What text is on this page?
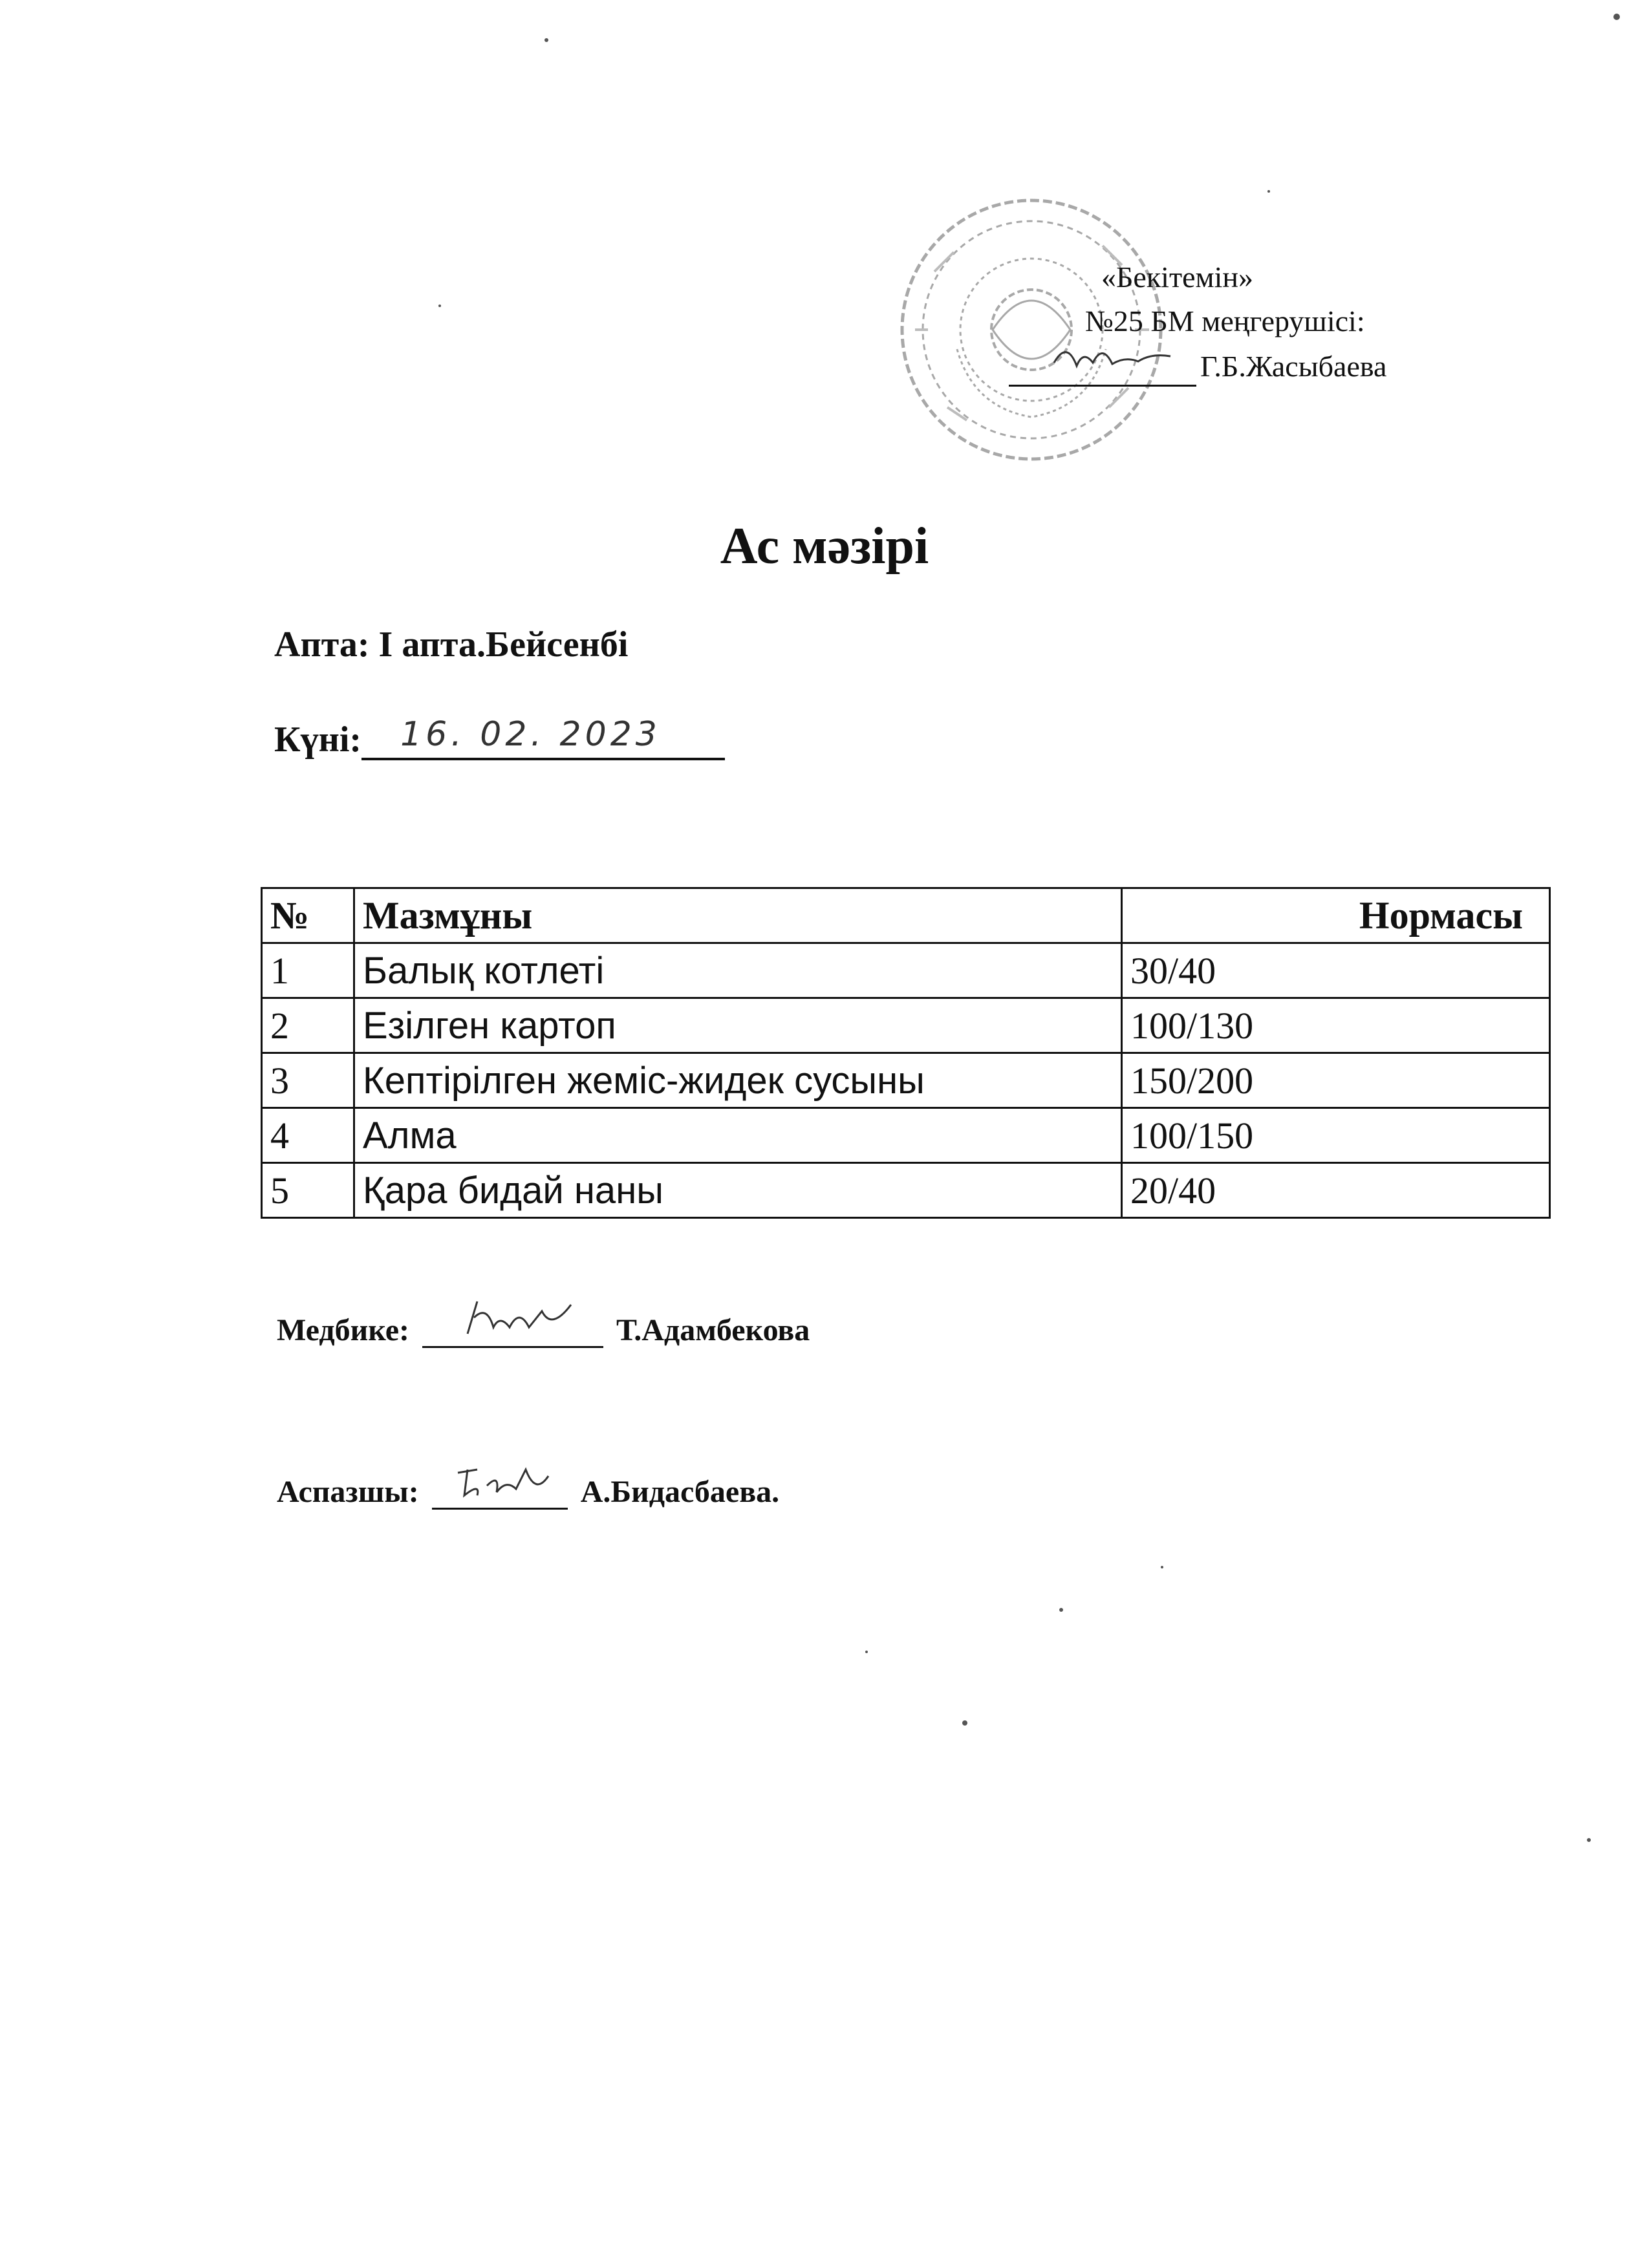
«Бекітемін»
№25 БМ меңгерушісі:
Г.Б.Жасыбаева
Ас мәзірі
Апта: І апта.Бейсенбі
Күні: 16. 02. 2023
№	Мазмұны	Нормасы
1	Балық котлеті	30/40
2	Езілген картоп	100/130
3	Кептірілген жеміс-жидек сусыны	150/200
4	Алма	100/150
5	Қара бидай наны	20/40
Медбике:	Т.Адамбекова
Аспазшы:	А.Бидасбаева.
